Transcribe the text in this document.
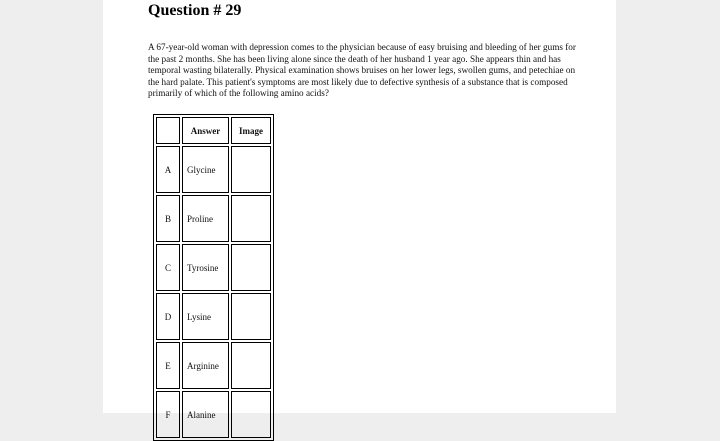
Question # 29

A 67-year-old woman with depression comes to the physician because of easy bruising and bleeding of her gums for the past 2 months. She has been living alone since the death of her husband 1 year ago. She appears thin and has temporal wasting bilaterally. Physical examination shows bruises on her lower legs, swollen gums, and petechiae on the hard palate. This patient's symptoms are most likely due to defective synthesis of a substance that is composed primarily of which of the following amino acids?

	Answer	Image
A	Glycine	
B	Proline	
C	Tyrosine	
D	Lysine	
E	Arginine	
F	Alanine	
